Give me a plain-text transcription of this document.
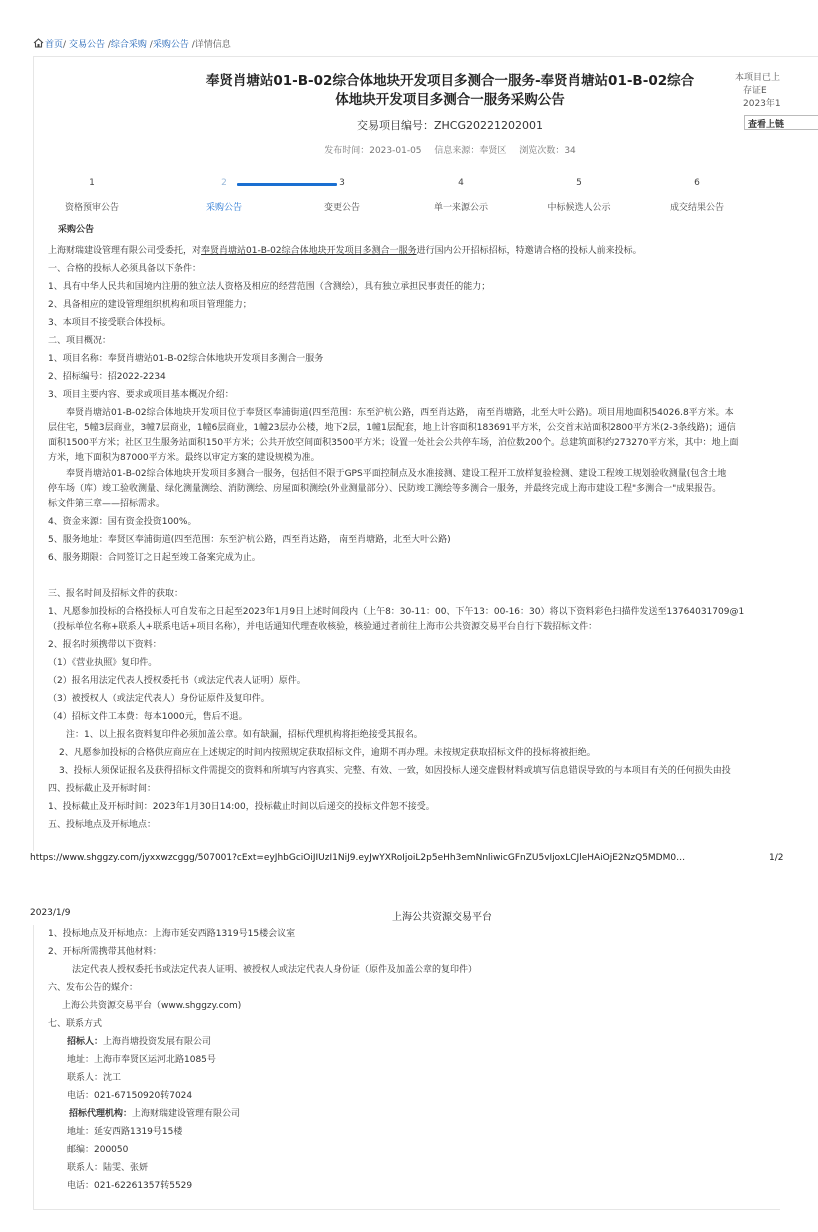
首页/ 交易公告 /综合采购 /采购公告 /详情信息
奉贤肖塘站01-B-02综合体地块开发项目多测合一服务-奉贤肖塘站01-B-02综合
体地块开发项目多测合一服务采购公告
交易项目编号：ZHCG20221202001
发布时间：2023-01-05 信息来源：奉贤区 浏览次数：34
本项目已上
存证E
2023年1
查看上链
1	2	3	4	5	6
资格预审公告	采购公告	变更公告	单一来源公示	中标候选人公示	成交结果公告
采购公告
上海财瑞建设管理有限公司受委托，对奉贤肖塘站01-B-02综合体地块开发项目多测合一服务进行国内公开招标招标，特邀请合格的投标人前来投标。
一、合格的投标人必须具备以下条件：
1、具有中华人民共和国境内注册的独立法人资格及相应的经营范围（含测绘），具有独立承担民事责任的能力；
2、具备相应的建设管理组织机构和项目管理能力；
3、本项目不接受联合体投标。
二、项目概况：
1、项目名称：奉贤肖塘站01-B-02综合体地块开发项目多测合一服务
2、招标编号：招2022-2234
3、项目主要内容、要求或项目基本概况介绍：
奉贤肖塘站01-B-02综合体地块开发项目位于奉贤区奉浦街道(四至范围：东至沪杭公路，西至肖达路， 南至肖塘路，北至大叶公路)。项目用地面积54026.8平方米。本
层住宅，5幢3层商业，3幢7层商业，1幢6层商业，1幢23层办公楼，地下2层，1幢1层配套，地上计容面积183691平方米，公交首末站面积2800平方米(2-3条线路)；通信
面积1500平方米；社区卫生服务站面积150平方米；公共开放空间面积3500平方米；设置一处社会公共停车场，泊位数200个。总建筑面积约273270平方米，其中：地上面
方米，地下面积为87000平方米。最终以审定方案的建设规模为准。
奉贤肖塘站01-B-02综合体地块开发项目多测合一服务，包括但不限于GPS平面控制点及水准接测、建设工程开工放样复验检测、建设工程竣工规划验收测量(包含土地
停车场（库）竣工验收测量、绿化测量测绘、消防测绘、房屋面积测绘(外业测量部分）、民防竣工测绘等多测合一服务，并最终完成上海市建设工程"多测合一"成果报告。
标文件第三章——招标需求。
4、资金来源：国有资金投资100%。
5、服务地址：奉贤区奉浦街道(四至范围：东至沪杭公路，西至肖达路， 南至肖塘路，北至大叶公路)
6、服务期限：合同签订之日起至竣工备案完成为止。
三、报名时间及招标文件的获取：
1、凡愿参加投标的合格投标人可自发布之日起至2023年1月9日上述时间段内（上午8：30-11：00、下午13：00-16：30）将以下资料彩色扫描件发送至13764031709@1
（投标单位名称+联系人+联系电话+项目名称），并电话通知代理查收核验，核验通过者前往上海市公共资源交易平台自行下载招标文件：
2、报名时须携带以下资料：
（1）《营业执照》复印件。
（2）报名用法定代表人授权委托书（或法定代表人证明）原件。
（3）被授权人（或法定代表人）身份证原件及复印件。
（4）招标文件工本费：每本1000元，售后不退。
注：1、以上报名资料复印件必须加盖公章。如有缺漏，招标代理机构将拒绝接受其报名。
2、凡愿参加投标的合格供应商应在上述规定的时间内按照规定获取招标文件，逾期不再办理。未按规定获取招标文件的投标将被拒绝。
3、投标人须保证报名及获得招标文件需提交的资料和所填写内容真实、完整、有效、一致，如因投标人递交虚假材料或填写信息错误导致的与本项目有关的任何损失由投
四、投标截止及开标时间：
1、投标截止及开标时间：2023年1月30日14:00，投标截止时间以后递交的投标文件恕不接受。
五、投标地点及开标地点：
https://www.shggzy.com/jyxxwzcggg/507001?cExt=eyJhbGciOiJIUzI1NiJ9.eyJwYXRoIjoiL2p5eHh3emNnliwicGFnZU5vIjoxLCJleHAiOjE2NzQ5MDM0…	1/2
2023/1/9	上海公共资源交易平台
1、投标地点及开标地点：上海市延安西路1319号15楼会议室
2、开标所需携带其他材料：
法定代表人授权委托书或法定代表人证明、被授权人或法定代表人身份证（原件及加盖公章的复印件）
六、发布公告的媒介：
上海公共资源交易平台（www.shggzy.com)
七、联系方式
招标人：上海肖塘投资发展有限公司
地址：上海市奉贤区运河北路1085号
联系人：沈工
电话：021-67150920转7024
招标代理机构：上海财瑞建设管理有限公司
地址：延安西路1319号15楼
邮编：200050
联系人：陆雯、张妍
电话：021-62261357转5529
